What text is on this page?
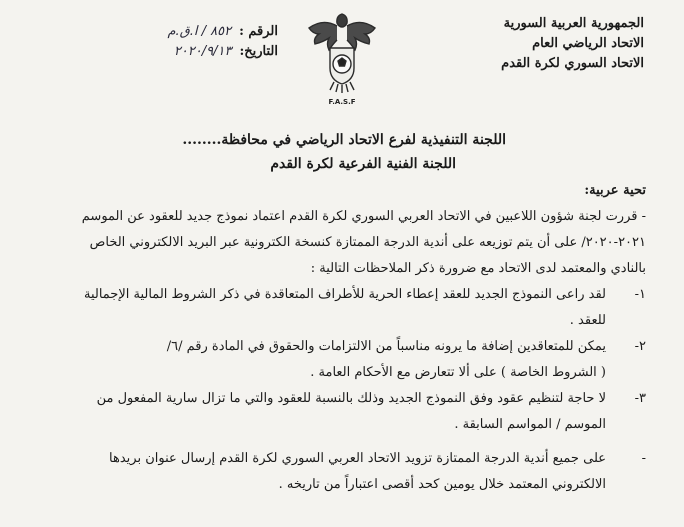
الجمهورية العربية السورية
الاتحاد الرياضي العام
الاتحاد السوري لكرة القدم
F.A.S.F
الرقم :
٨٥٢ / ا.ق.م
التاريخ:
٢٠٢٠/٩/١٣
اللجنة التنفيذية لفرع الاتحاد الرياضي في محافظة........
اللجنة الفنية الفرعية لكرة القدم
تحية عربية:

- قررت لجنة شؤون اللاعبين في الاتحاد العربي السوري لكرة القدم اعتماد نموذج جديد للعقود عن الموسم

٢٠٢١-٢٠٢٠/ على أن يتم توزيعه على أندية الدرجة الممتازة كنسخة الكترونية عبر البريد الالكتروني الخاص

بالنادي والمعتمد لدى الاتحاد مع ضرورة ذكر الملاحظات التالية :

١-
لقد راعى النموذج الجديد للعقد إعطاء الحرية للأطراف المتعاقدة في ذكر الشروط المالية الإجمالية
للعقد .
٢-
يمكن للمتعاقدين إضافة ما يرونه مناسباً من الالتزامات والحقوق في المادة رقم /٦/
( الشروط الخاصة ) على ألا تتعارض مع الأحكام العامة .
٣-
لا حاجة لتنظيم عقود وفق النموذج الجديد وذلك بالنسبة للعقود والتي ما تزال سارية المفعول من
الموسم / المواسم السابقة .
-
على جميع أندية الدرجة الممتازة تزويد الاتحاد العربي السوري لكرة القدم إرسال عنوان بريدها
الالكتروني المعتمد خلال يومين كحد أقصى اعتباراً من تاريخه .
